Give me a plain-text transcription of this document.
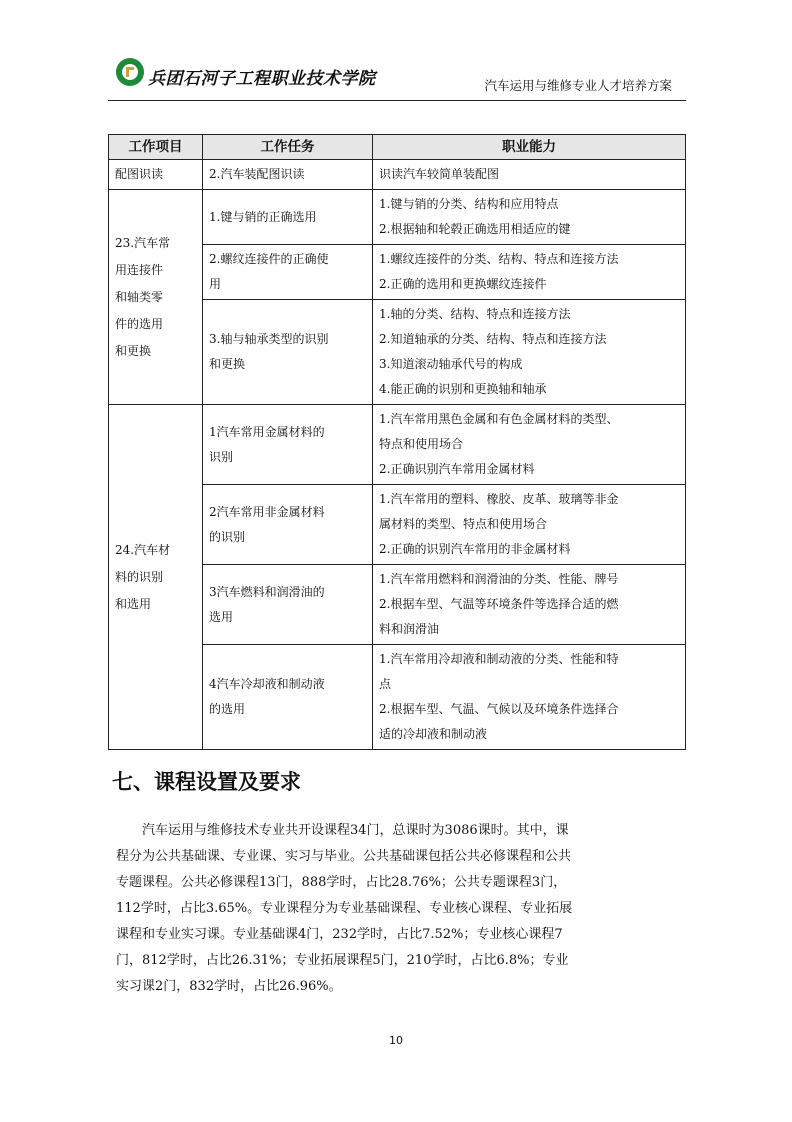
兵团石河子工程职业技术学院	汽车运用与维修专业人才培养方案
工作项目	工作任务	职业能力
配图识读	2.汽车装配图识读	识读汽车较简单装配图

23.汽车常
用连接件
和轴类零
件的选用
和更换	1.键与销的正确选用	1.键与销的分类、结构和应用特点
2.根据轴和轮毂正确选用相适应的键

	2.螺纹连接件的正确使
用	1.螺纹连接件的分类、结构、特点和连接方法
2.正确的选用和更换螺纹连接件

	3.轴与轴承类型的识别
和更换	1.轴的分类、结构、特点和连接方法
2.知道轴承的分类、结构、特点和连接方法
3.知道滚动轴承代号的构成
4.能正确的识别和更换轴和轴承

24.汽车材
料的识别
和选用	1汽车常用金属材料的
识别	1.汽车常用黑色金属和有色金属材料的类型、
特点和使用场合
2.正确识别汽车常用金属材料

	2汽车常用非金属材料
的识别	1.汽车常用的塑料、橡胶、皮革、玻璃等非金
属材料的类型、特点和使用场合
2.正确的识别汽车常用的非金属材料

	3汽车燃料和润滑油的
选用	1.汽车常用燃料和润滑油的分类、性能、牌号
2.根据车型、气温等环境条件等选择合适的燃
料和润滑油

	4汽车冷却液和制动液
的选用	1.汽车常用冷却液和制动液的分类、性能和特
点
2.根据车型、气温、气候以及环境条件选择合
适的冷却液和制动液
七、课程设置及要求
汽车运用与维修技术专业共开设课程34门，总课时为3086课时。其中，课
程分为公共基础课、专业课、实习与毕业。公共基础课包括公共必修课程和公共
专题课程。公共必修课程13门，888学时，占比28.76%；公共专题课程3门，
112学时，占比3.65%。专业课程分为专业基础课程、专业核心课程、专业拓展
课程和专业实习课。专业基础课4门，232学时，占比7.52%；专业核心课程7
门，812学时，占比26.31%；专业拓展课程5门，210学时，占比6.8%；专业
实习课2门，832学时，占比26.96%。
10
